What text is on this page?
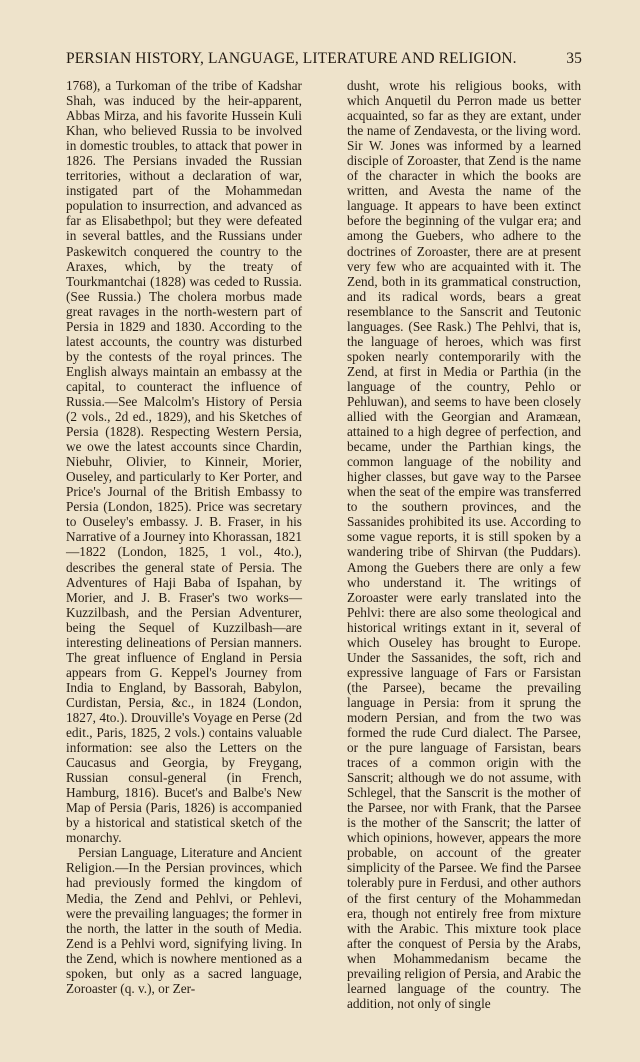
PERSIAN HISTORY, LANGUAGE, LITERATURE AND RELIGION.	35

1768), a Turkoman of the tribe of Kadshar Shah, was induced by the heir-apparent, Abbas Mirza, and his favorite Hussein Kuli Khan, who believed Russia to be involved in domestic troubles, to attack that power in 1826. The Persians invaded the Russian territories, without a declaration of war, instigated part of the Mohammedan population to insurrection, and advanced as far as Elisabethpol; but they were defeated in several battles, and the Russians under Paskewitch conquered the country to the Araxes, which, by the treaty of Tourkmantchai (1828) was ceded to Russia. (See Russia.) The cholera morbus made great ravages in the north-western part of Persia in 1829 and 1830. According to the latest accounts, the country was disturbed by the contests of the royal princes. The English always maintain an embassy at the capital, to counteract the influence of Russia.—See Malcolm's History of Persia (2 vols., 2d ed., 1829), and his Sketches of Persia (1828). Respecting Western Persia, we owe the latest accounts since Chardin, Niebuhr, Olivier, to Kinneir, Morier, Ouseley, and particularly to Ker Porter, and Price's Journal of the British Embassy to Persia (London, 1825). Price was secretary to Ouseley's embassy. J. B. Fraser, in his Narrative of a Journey into Khorassan, 1821—1822 (London, 1825, 1 vol., 4to.), describes the general state of Persia. The Adventures of Haji Baba of Ispahan, by Morier, and J. B. Fraser's two works—Kuzzilbash, and the Persian Adventurer, being the Sequel of Kuzzilbash—are interesting delineations of Persian manners. The great influence of England in Persia appears from G. Keppel's Journey from India to England, by Bassorah, Babylon, Curdistan, Persia, &c., in 1824 (London, 1827, 4to.). Drouville's Voyage en Perse (2d edit., Paris, 1825, 2 vols.) contains valuable information: see also the Letters on the Caucasus and Georgia, by Freygang, Russian consul-general (in French, Hamburg, 1816). Bucet's and Balbe's New Map of Persia (Paris, 1826) is accompanied by a historical and statistical sketch of the monarchy.

Persian Language, Literature and Ancient Religion.—In the Persian provinces, which had previously formed the kingdom of Media, the Zend and Pehlvi, or Pehlevi, were the prevailing languages; the former in the north, the latter in the south of Media. Zend is a Pehlvi word, signifying living. In the Zend, which is nowhere mentioned as a spoken, but only as a sacred language, Zoroaster (q. v.), or Zer-

dusht, wrote his religious books, with which Anquetil du Perron made us better acquainted, so far as they are extant, under the name of Zendavesta, or the living word. Sir W. Jones was informed by a learned disciple of Zoroaster, that Zend is the name of the character in which the books are written, and Avesta the name of the language. It appears to have been extinct before the beginning of the vulgar era; and among the Guebers, who adhere to the doctrines of Zoroaster, there are at present very few who are acquainted with it. The Zend, both in its grammatical construction, and its radical words, bears a great resemblance to the Sanscrit and Teutonic languages. (See Rask.) The Pehlvi, that is, the language of heroes, which was first spoken nearly contemporarily with the Zend, at first in Media or Parthia (in the language of the country, Pehlo or Pehluwan), and seems to have been closely allied with the Georgian and Aramæan, attained to a high degree of perfection, and became, under the Parthian kings, the common language of the nobility and higher classes, but gave way to the Parsee when the seat of the empire was transferred to the southern provinces, and the Sassanides prohibited its use. According to some vague reports, it is still spoken by a wandering tribe of Shirvan (the Puddars). Among the Guebers there are only a few who understand it. The writings of Zoroaster were early translated into the Pehlvi: there are also some theological and historical writings extant in it, several of which Ouseley has brought to Europe. Under the Sassanides, the soft, rich and expressive language of Fars or Farsistan (the Parsee), became the prevailing language in Persia: from it sprung the modern Persian, and from the two was formed the rude Curd dialect. The Parsee, or the pure language of Farsistan, bears traces of a common origin with the Sanscrit; although we do not assume, with Schlegel, that the Sanscrit is the mother of the Parsee, nor with Frank, that the Parsee is the mother of the Sanscrit; the latter of which opinions, however, appears the more probable, on account of the greater simplicity of the Parsee. We find the Parsee tolerably pure in Ferdusi, and other authors of the first century of the Mohammedan era, though not entirely free from mixture with the Arabic. This mixture took place after the conquest of Persia by the Arabs, when Mohammedanism became the prevailing religion of Persia, and Arabic the learned language of the country. The addition, not only of single
